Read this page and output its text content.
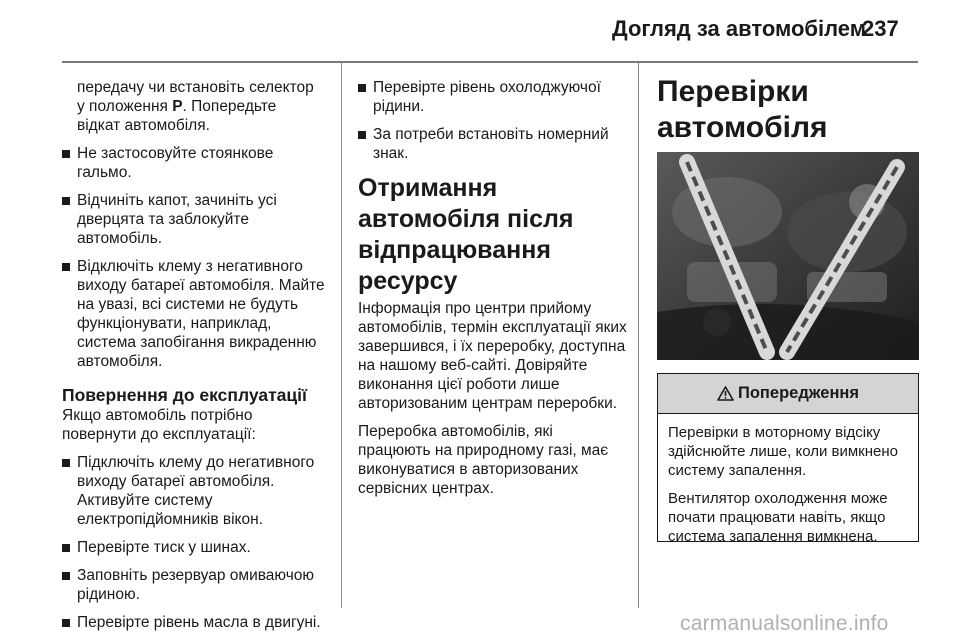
Догляд за автомобілем
237
передачу чи встановіть селектор
у положення P. Попередьте
відкат автомобіля.
Не застосовуйте стоянкове гальмо.
Відчиніть капот, зачиніть усі дверцята та заблокуйте автомобіль.
Відключіть клему з негативного виходу батареї автомобіля. Майте на увазі, всі системи не будуть функціонувати, наприклад, система запобігання викраденню автомобіля.
Повернення до експлуатації
Якщо автомобіль потрібно повернути до експлуатації:
Підключіть клему до негативного виходу батареї автомобіля. Активуйте систему електропідйомників вікон.
Перевірте тиск у шинах.
Заповніть резервуар омиваючою рідиною.
Перевірте рівень масла в двигуні.
Перевірте рівень охолоджуючої рідини.
За потреби встановіть номерний знак.
Отримання автомобіля після відпрацювання ресурсу
Інформація про центри прийому автомобілів, термін експлуатації яких завершився, і їх переробку, доступна на нашому веб-сайті. Довіряйте виконання цієї роботи лише авторизованим центрам переробки.
Переробка автомобілів, які працюють на природному газі, має виконуватися в авторизованих сервісних центрах.
Перевірки автомобіля
Попередження
Перевірки в моторному відсіку здійснюйте лише, коли вимкнено систему запалення.
Вентилятор охолодження може почати працювати навіть, якщо система запалення вимкнена.
carmanualsonline.info
